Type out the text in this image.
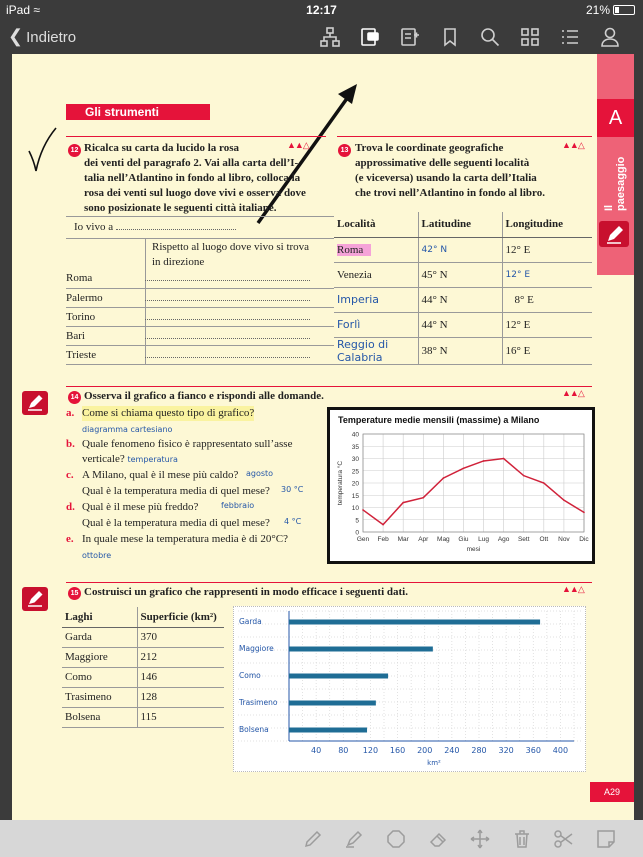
iPad ≈	12:17	21%
❮ Indietro
A
Il paesaggio
Gli strumenti
12
▲▲△
Ricalca su carta da lucido la rosa
dei venti del paragrafo 2. Vai alla carta dell’I-
talia nell’Atlantino in fondo al libro, colloca la
rosa dei venti sul luogo dove vivi e osserva dove
sono posizionate le seguenti città italiane.
Io vivo a
Rispetto al luogo dove vivo si trova in direzione
Roma	
Palermo	
Torino	
Bari	
Trieste	
13
▲▲△
Trova le coordinate geografiche
approssimative delle seguenti località
(e viceversa) usando la carta dell’Italia
che trovi nell’Atlantino in fondo al libro.
Località	Latitudine	Longitudine
Roma	42° N	12° E
Venezia	45° N	12° E
Imperia	44° N	8° E
Forlì	44° N	12° E
Reggio di Calabria	38° N	16° E
14	▲▲△
Osserva il grafico a fianco e rispondi alle domande.
a. Come si chiama questo tipo di grafico?
diagramma cartesiano
b. Quale fenomeno fisico è rappresentato sull’asse
verticale? temperatura
c. A Milano, qual è il mese più caldo? agosto
Qual è la temperatura media di quel mese? 30 °C
d. Qual è il mese più freddo?	febbraio
Qual è la temperatura media di quel mese? 4 °C
e. In quale mese la temperatura media è di 20°C?
ottobre
Temperature medie mensili (massime) a Milano
0
5
10
15
20
25
30
35
40
Gen Feb Mar Apr Mag Giu Lug Ago Sett Ott Nov Dic
mesi
temperatura °C
15	▲▲△
Costruisci un grafico che rappresenti in modo efficace i seguenti dati.
Laghi	Superficie (km²)
Garda	370
Maggiore	212
Como	146
Trasimeno	128
Bolsena	115
Garda
Maggiore
Como
Trasimeno
Bolsena
40 80 120 160 200 240 280 320 360 400
km²
A29
